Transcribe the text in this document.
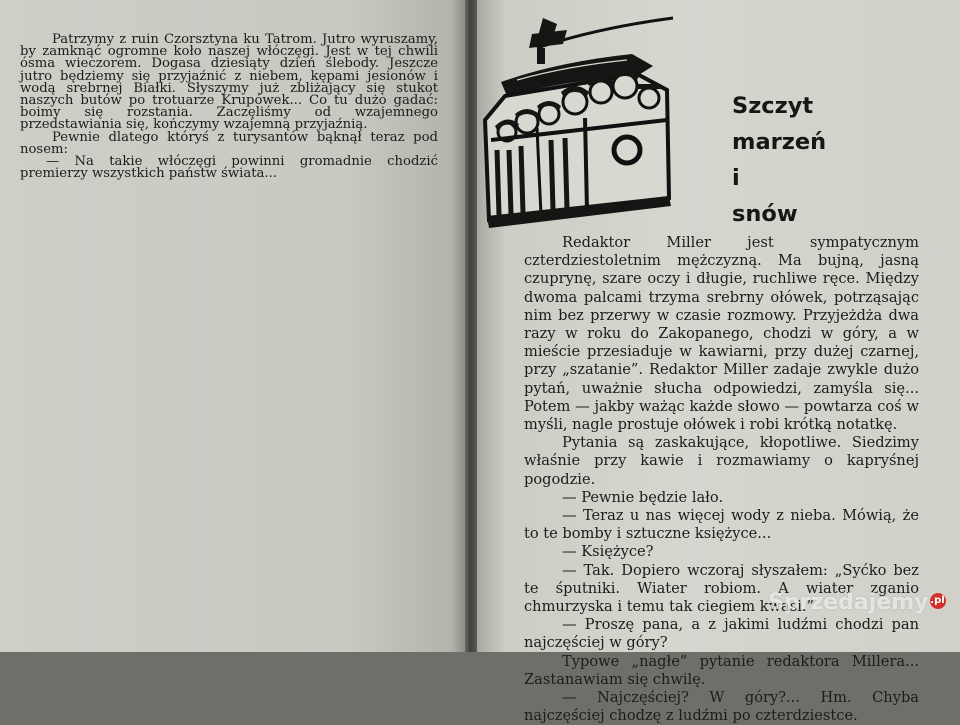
Patrzymy z ruin Czorsztyna ku Tatrom. Jutro wyruszamy, by zamknąć ogromne koło naszej włóczęgi. Jest w tej chwili ósma wieczorem. Dogasa dziesiąty dzień ślebody. Jeszcze jutro będziemy się przyjaźnić z niebem, kępami jesionów i wodą srebrnej Białki. Słyszymy już zbliżający się stukot naszych butów po trotuarze Krupówek... Co tu dużo gadać: boimy się rozstania. Zaczęliśmy od wzajemnego przedstawiania się, kończymy wzajemną przyjaźnią.

Pewnie dlatego któryś z turysantów bąknął teraz pod nosem:

— Na takie włóczęgi powinni gromadnie chodzić premierzy wszystkich państw świata...

Szczyt
marzeń
i
snów

Redaktor Miller jest sympatycznym czterdziestoletnim mężczyzną. Ma bujną, jasną czuprynę, szare oczy i długie, ruchliwe ręce. Między dwoma palcami trzyma srebrny ołówek, potrząsając nim bez przerwy w czasie rozmowy. Przyjeżdża dwa razy w roku do Zakopanego, chodzi w góry, a w mieście przesiaduje w kawiarni, przy dużej czarnej, przy „szatanie”. Redaktor Miller zadaje zwykle dużo pytań, uważnie słucha odpowiedzi, zamyśla się... Potem — jakby ważąc każde słowo — powtarza coś w myśli, nagle prostuje ołówek i robi krótką notatkę.

Pytania są zaskakujące, kłopotliwe. Siedzimy właśnie przy kawie i rozmawiamy o kapryśnej pogodzie.

— Pewnie będzie lało.

— Teraz u nas więcej wody z nieba. Mówią, że to te bomby i sztuczne księżyce...

— Księżyce?

— Tak. Dopiero wczoraj słyszałem: „Syćko bez te śputniki. Wiater robiom. A wiater zganio chmurzyska i temu tak ciegiem kwasi.”

— Proszę pana, a z jakimi ludźmi chodzi pan najczęściej w góry?

Typowe „nagłe” pytanie redaktora Millera... Zastanawiam się chwilę.

— Najczęściej? W góry?... Hm. Chyba najczęściej chodzę z ludźmi po czterdziestce.

Sprzedajemy .pl
